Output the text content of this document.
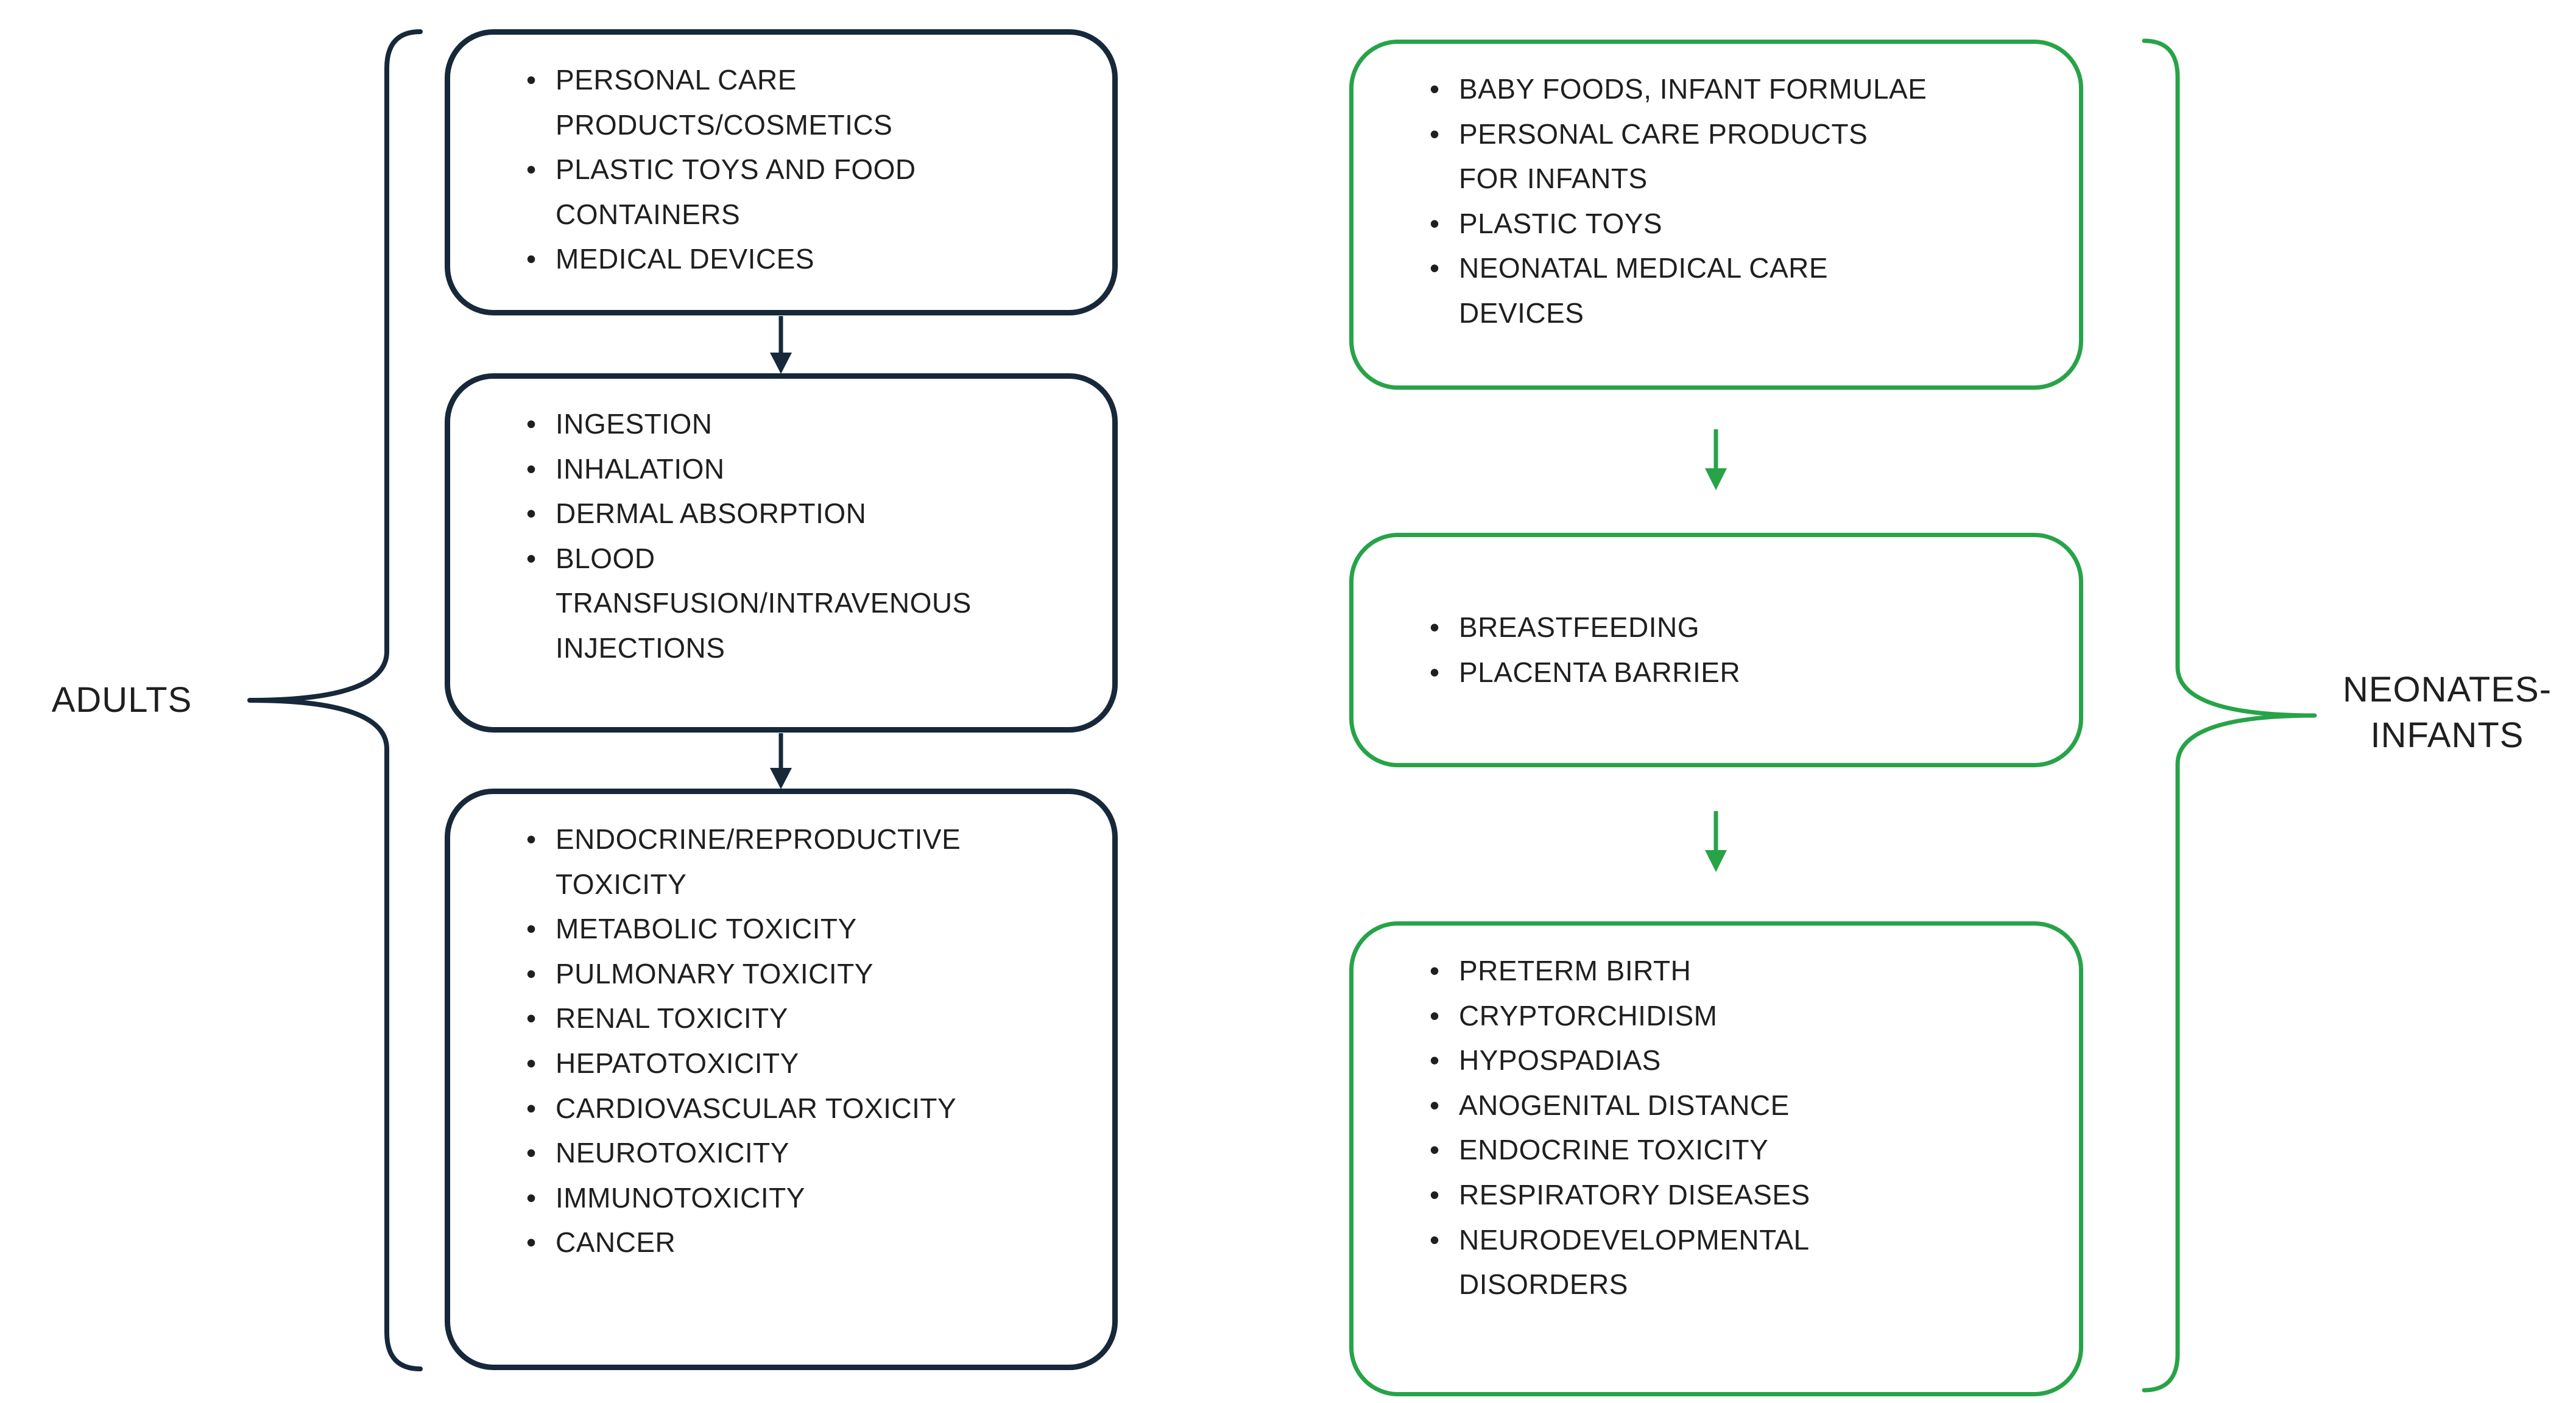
ADULTS
• PERSONAL CARE PRODUCTS/COSMETICS
• PLASTIC TOYS AND FOOD CONTAINERS
• MEDICAL DEVICES
• INGESTION
• INHALATION
• DERMAL ABSORPTION
• BLOOD TRANSFUSION/INTRAVENOUS INJECTIONS
• ENDOCRINE/REPRODUCTIVE TOXICITY
• METABOLIC TOXICITY
• PULMONARY TOXICITY
• RENAL TOXICITY
• HEPATOTOXICITY
• CARDIOVASCULAR TOXICITY
• NEUROTOXICITY
• IMMUNOTOXICITY
• CANCER
• BABY FOODS, INFANT FORMULAE
• PERSONAL CARE PRODUCTS FOR INFANTS
• PLASTIC TOYS
• NEONATAL MEDICAL CARE DEVICES
• BREASTFEEDING
• PLACENTA BARRIER
• PRETERM BIRTH
• CRYPTORCHIDISM
• HYPOSPADIAS
• ANOGENITAL DISTANCE
• ENDOCRINE TOXICITY
• RESPIRATORY DISEASES
• NEURODEVELOPMENTAL DISORDERS
NEONATES-INFANTS
